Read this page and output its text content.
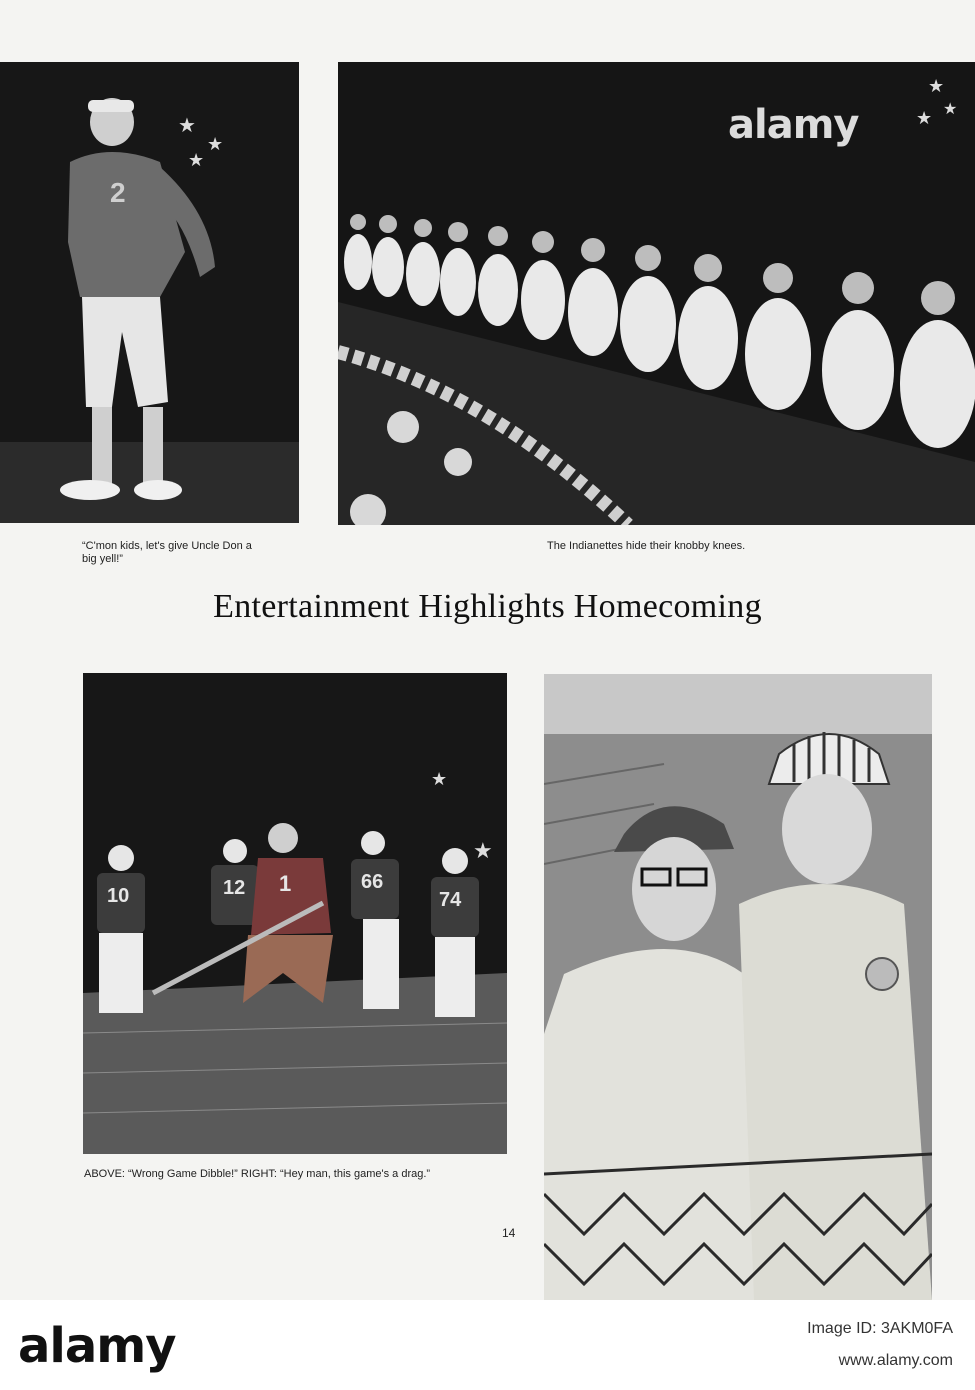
★
★
★
2
★
★ ★
alamy

“C'mon kids, let's give Uncle Don a big yell!”

The Indianettes hide their knobby knees.

Entertainment Highlights Homecoming
★
★
10	12 1	66
74

ABOVE: “Wrong Game Dibble!” RIGHT: “Hey man, this game's a drag.”

14
alamy	Image ID: 3AKM0FA
www.alamy.com
